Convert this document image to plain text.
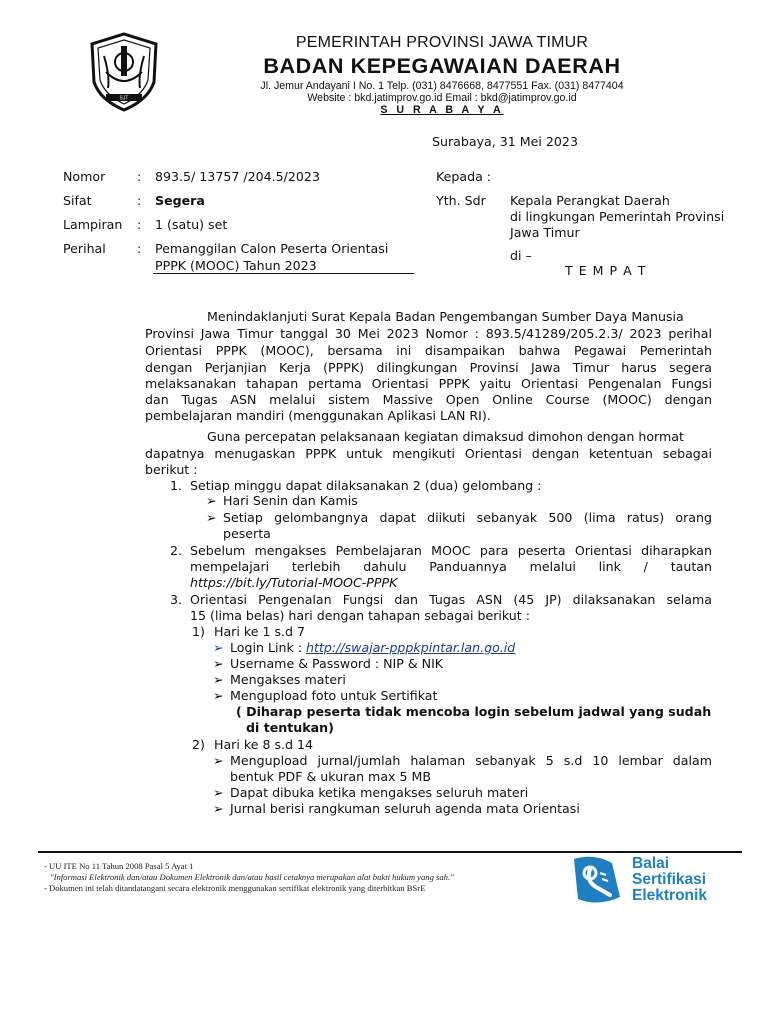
SJT
PEMERINTAH PROVINSI JAWA TIMUR
BADAN KEPEGAWAIAN DAERAH
Jl. Jemur Andayani I No. 1 Telp. (031) 8476668, 8477551 Fax. (031) 8477404
Website : bkd.jatimprov.go.id Email : bkd@jatimprov.go.id
S U R A B A Y A
Surabaya, 31 Mei 2023
Nomor	: 893.5/ 13757 /204.5/2023
Sifat	: Segera
Lampiran : 1 (satu) set
Perihal : Pemanggilan Calon Peserta Orientasi
PPPK (MOOC) Tahun 2023
Kepada :
Yth. Sdr Kepala Perangkat Daerah
di lingkungan Pemerintah Provinsi
Jawa Timur
di –
T E M P A T
Menindaklanjuti Surat Kepala Badan Pengembangan Sumber Daya Manusia
Provinsi Jawa Timur tanggal 30 Mei 2023 Nomor : 893.5/41289/205.2.3/ 2023 perihal
Orientasi PPPK (MOOC), bersama ini disampaikan bahwa Pegawai Pemerintah
dengan Perjanjian Kerja (PPPK) dilingkungan Provinsi Jawa Timur harus segera
melaksanakan tahapan pertama Orientasi PPPK yaitu Orientasi Pengenalan Fungsi
dan Tugas ASN melalui sistem Massive Open Online Course (MOOC) dengan
pembelajaran mandiri (menggunakan Aplikasi LAN RI).
Guna percepatan pelaksanaan kegiatan dimaksud dimohon dengan hormat
dapatnya menugaskan PPPK untuk mengikuti Orientasi dengan ketentuan sebagai
berikut :
1. Setiap minggu dapat dilaksanakan 2 (dua) gelombang :
➢ Hari Senin dan Kamis
➢ Setiap gelombangnya dapat diikuti sebanyak 500 (lima ratus) orang
peserta
2. Sebelum mengakses Pembelajaran MOOC para peserta Orientasi diharapkan
mempelajari terlebih dahulu Panduannya melalui link / tautan
https://bit.ly/Tutorial-MOOC-PPPK
3. Orientasi Pengenalan Fungsi dan Tugas ASN (45 JP) dilaksanakan selama
15 (lima belas) hari dengan tahapan sebagai berikut :
1) Hari ke 1 s.d 7
➢ Login Link : http://swajar-pppkpintar.lan.go.id
➢ Username & Password : NIP & NIK
➢ Mengakses materi
➢ Mengupload foto untuk Sertifikat
( Diharap peserta tidak mencoba login sebelum jadwal yang sudah
di tentukan)
2) Hari ke 8 s.d 14
➢ Mengupload jurnal/jumlah halaman sebanyak 5 s.d 10 lembar dalam
bentuk PDF & ukuran max 5 MB
➢ Dapat dibuka ketika mengakses seluruh materi
➢ Jurnal berisi rangkuman seluruh agenda mata Orientasi
- UU ITE No 11 Tahun 2008 Pasal 5 Ayat 1
"Informasi Elektronik dan/atau Dokumen Elektronik dan/atau hasil cetaknya merupakan alat bukti hukum yang sah."
- Dokumen ini telah ditandatangani secara elektronik menggunakan sertifikat elektronik yang diterbitkan BSrE
Balai
Sertifikasi
Elektronik
